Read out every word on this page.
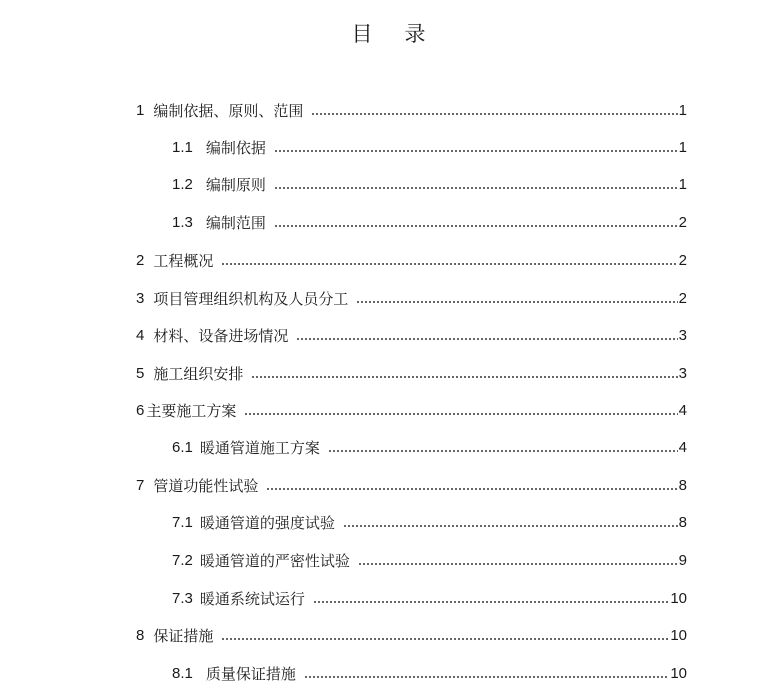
目 录
1 编制依据、原则、范围	1
1.1 编制依据	1
1.2 编制原则	1
1.3 编制范围	2
2 工程概况	2
3 项目管理组织机构及人员分工	2
4 材料、设备进场情况	3
5 施工组织安排	3
6 主要施工方案	4
6.1 暖通管道施工方案	4
7 管道功能性试验	8
7.1 暖通管道的强度试验	8
7.2 暖通管道的严密性试验	9
7.3 暖通系统试运行	10
8 保证措施	10
8.1 质量保证措施	10
